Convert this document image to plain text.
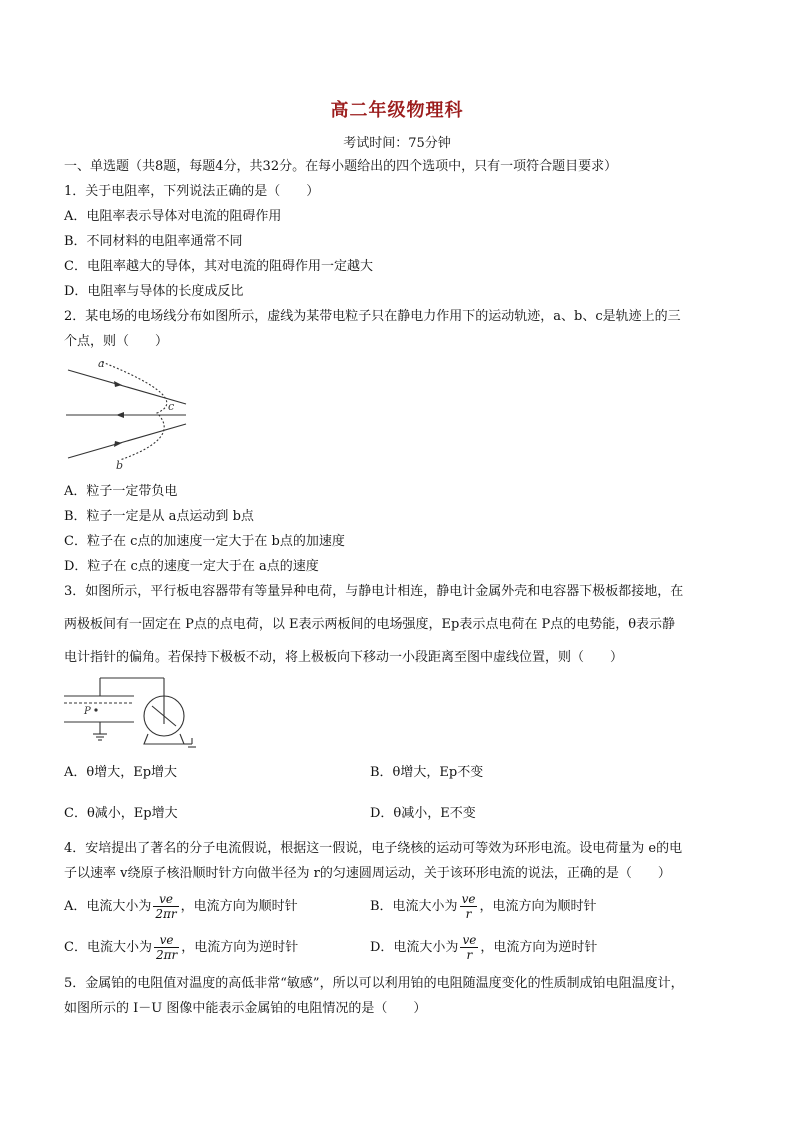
高二年级物理科
考试时间：75分钟
一、单选题（共8题，每题4分，共32分。在每小题给出的四个选项中，只有一项符合题目要求）
1．关于电阻率，下列说法正确的是（　　）
A．电阻率表示导体对电流的阻碍作用
B．不同材料的电阻率通常不同
C．电阻率越大的导体，其对电流的阻碍作用一定越大
D．电阻率与导体的长度成反比
2．某电场的电场线分布如图所示，虚线为某带电粒子只在静电力作用下的运动轨迹，a、b、c是轨迹上的三
个点，则（　　）
a
c
b
A．粒子一定带负电
B．粒子一定是从 a点运动到 b点
C．粒子在 c点的加速度一定大于在 b点的加速度
D．粒子在 c点的速度一定大于在 a点的速度
3．如图所示，平行板电容器带有等量异种电荷，与静电计相连，静电计金属外壳和电容器下极板都接地，在
两极板间有一固定在 P点的点电荷，以 E表示两板间的电场强度，Ep表示点电荷在 P点的电势能，θ表示静
电计指针的偏角。若保持下极板不动，将上极板向下移动一小段距离至图中虚线位置，则（　　）
P
A．θ增大，Ep增大	B．θ增大，Ep不变
C．θ减小，Ep增大	D．θ减小，E不变
4．安培提出了著名的分子电流假说，根据这一假说，电子绕核的运动可等效为环形电流。设电荷量为 e的电
子以速率 v绕原子核沿顺时针方向做半径为 r的匀速圆周运动，关于该环形电流的说法，正确的是（　　）
A．电流大小为 $\frac{ve}{2\pi r}$ ，电流方向为顺时针	B．电流大小为 $\frac{ve}{r}$ ，电流方向为顺时针
C．电流大小为 $\frac{ve}{2\pi r}$ ，电流方向为逆时针	D．电流大小为 $\frac{ve}{r}$ ，电流方向为逆时针
5．金属铂的电阻值对温度的高低非常“敏感”，所以可以利用铂的电阻随温度变化的性质制成铂电阻温度计，
如图所示的 I－U 图像中能表示金属铂的电阻情况的是（　　）
